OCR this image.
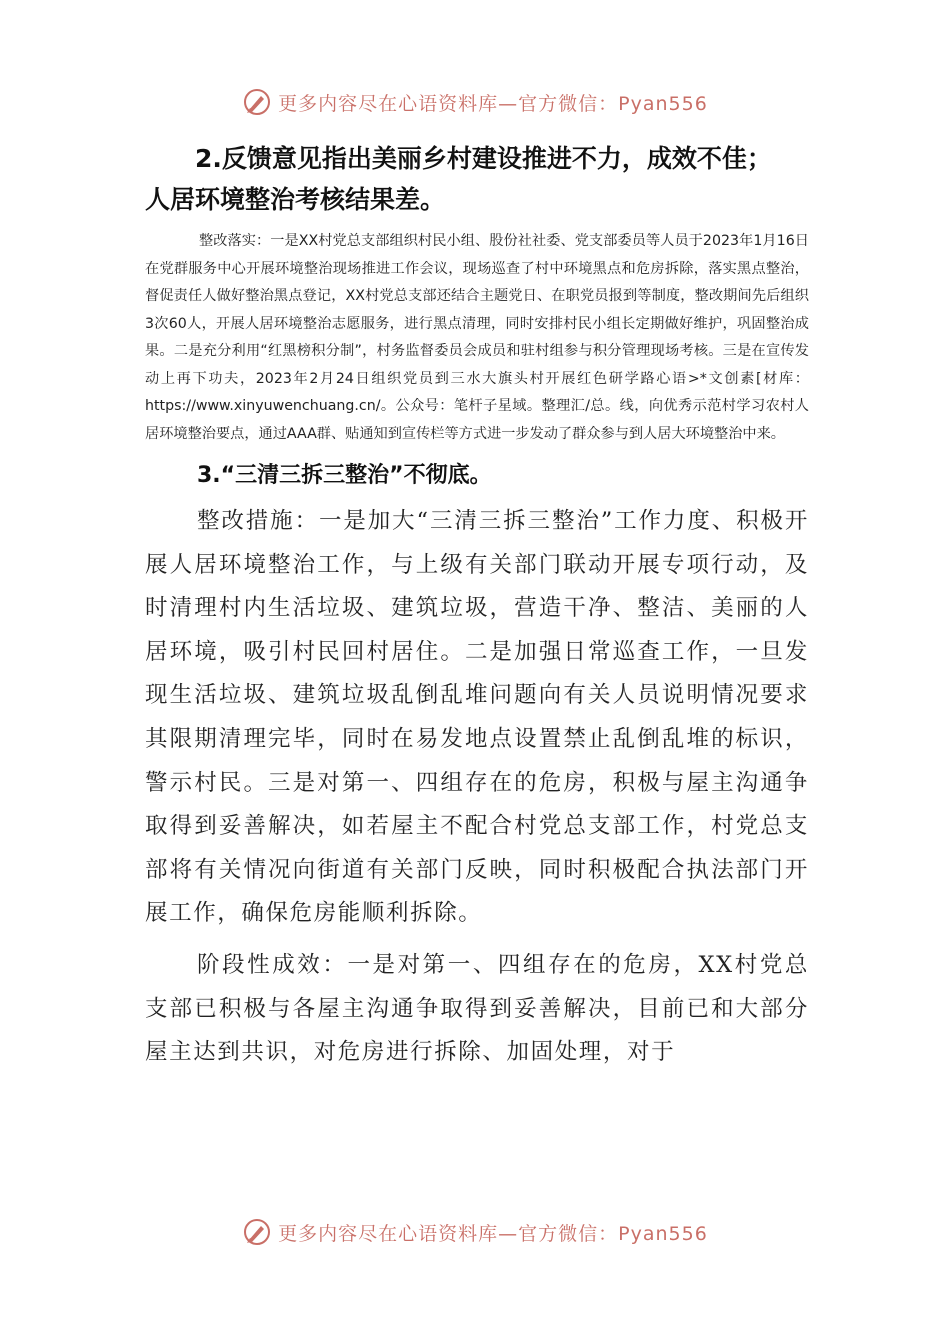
更多内容尽在心语资料库—官方微信：Pyan556

2.反馈意见指出美丽乡村建设推进不力，成效不佳；

人居环境整治考核结果差。

整改落实：一是XX村党总支部组织村民小组、股份社社委、党支部委员等人员于2023年1月16日在党群服务中心开展环境整治现场推进工作会议，现场巡查了村中环境黑点和危房拆除，落实黑点整治，督促责任人做好整治黑点登记，XX村党总支部还结合主题党日、在职党员报到等制度，整改期间先后组织3次60人，开展人居环境整治志愿服务，进行黑点清理，同时安排村民小组长定期做好维护，巩固整治成果。二是充分利用“红黑榜积分制”，村务监督委员会成员和驻村组参与积分管理现场考核。三是在宣传发动上再下功夫，2023年2月24日组织党员到三水大旗头村开展红色研学路心语>*文创素[材库：https://www.xinyuwenchuang.cn/。公众号：笔杆子星域。整理汇/总。线，向优秀示范村学习农村人居环境整治要点，通过AAA群、贴通知到宣传栏等方式进一步发动了群众参与到人居大环境整治中来。

3.“三清三拆三整治”不彻底。

整改措施：一是加大“三清三拆三整治”工作力度、积极开展人居环境整治工作，与上级有关部门联动开展专项行动，及时清理村内生活垃圾、建筑垃圾，营造干净、整洁、美丽的人居环境，吸引村民回村居住。二是加强日常巡查工作，一旦发现生活垃圾、建筑垃圾乱倒乱堆问题向有关人员说明情况要求其限期清理完毕，同时在易发地点设置禁止乱倒乱堆的标识，警示村民。三是对第一、四组存在的危房，积极与屋主沟通争取得到妥善解决，如若屋主不配合村党总支部工作，村党总支部将有关情况向街道有关部门反映，同时积极配合执法部门开展工作，确保危房能顺利拆除。

阶段性成效：一是对第一、四组存在的危房，XX村党总支部已积极与各屋主沟通争取得到妥善解决，目前已和大部分屋主达到共识，对危房进行拆除、加固处理，对于

更多内容尽在心语资料库—官方微信：Pyan556
